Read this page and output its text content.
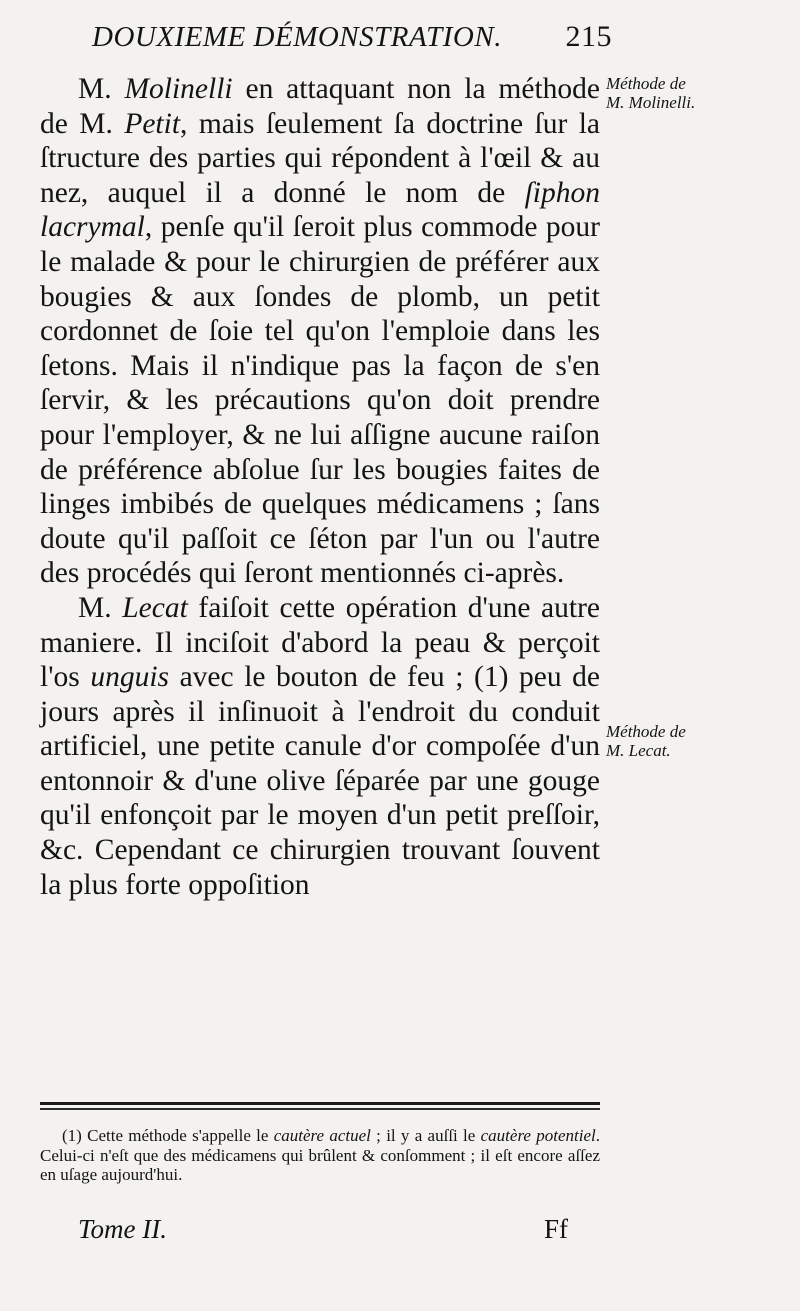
DOUXIEME DÉMONSTRATION. 215

M. Molinelli en attaquant non la méthode de M. Petit, mais ſeulement ſa doctrine ſur la ſtructure des parties qui répondent à l'œil & au nez, auquel il a donné le nom de ſiphon lacrymal, penſe qu'il ſeroit plus commode pour le malade & pour le chirurgien de préférer aux bougies & aux ſondes de plomb, un petit cordonnet de ſoie tel qu'on l'emploie dans les ſetons. Mais il n'indique pas la façon de s'en ſervir, & les précautions qu'on doit prendre pour l'employer, & ne lui aſſigne aucune raiſon de préférence abſolue ſur les bougies faites de linges imbibés de quelques médicamens ; ſans doute qu'il paſſoit ce ſéton par l'un ou l'autre des procédés qui ſeront mentionnés ci-après.

M. Lecat faiſoit cette opération d'une autre maniere. Il inciſoit d'abord la peau & perçoit l'os unguis avec le bouton de feu ; (1) peu de jours après il inſinuoit à l'endroit du conduit artificiel, une petite canule d'or compoſée d'un entonnoir & d'une olive ſéparée par une gouge qu'il enfonçoit par le moyen d'un petit preſſoir, &c. Cependant ce chirurgien trouvant ſouvent la plus forte oppoſition

Méthode de
M. Molinelli.
Méthode de
M. Lecat.
(1) Cette méthode s'appelle le cautère actuel ; il y a auſſi le cautère potentiel. Celui-ci n'eſt que des médicamens qui brûlent & conſomment ; il eſt encore aſſez en uſage aujourd'hui.
Tome II.	Ff
